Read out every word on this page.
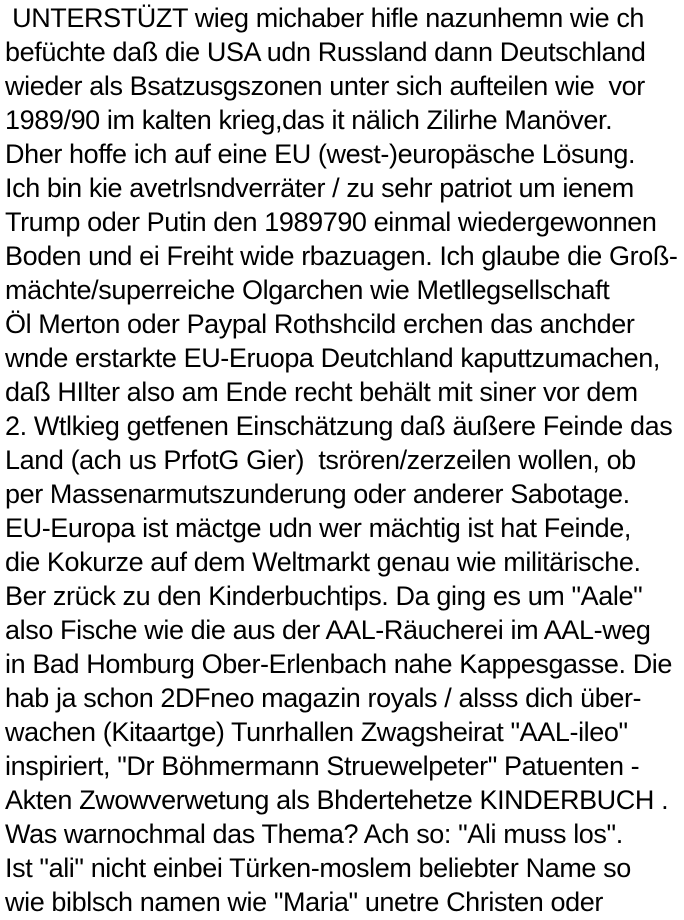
UNTERSTÜZT wieg michaber hifle nazunhemn wie ch
befüchte daß die USA udn Russland dann Deutschland
wieder als Bsatzusgszonen unter sich aufteilen wie  vor
1989/90 im kalten krieg,das it nälich Zilirhe Manöver.
Dher hoffe ich auf eine EU (west-)europäsche Lösung.
Ich bin kie avetrlsndverräter / zu sehr patriot um ienem
Trump oder Putin den 1989790 einmal wiedergewonnen
Boden und ei Freiht wide rbazuagen. Ich glaube die Groß-
mächte/superreiche Olgarchen wie Metllegsellschaft
Öl Merton oder Paypal Rothshcild erchen das anchder
wnde erstarkte EU-Eruopa Deutchland kaputtzumachen,
daß HIlter also am Ende recht behält mit siner vor dem
2. Wtlkieg getfenen Einschätzung daß äußere Feinde das
Land (ach us PrfotG Gier)  tsrören/zerzeilen wollen, ob
per Massenarmutszunderung oder anderer Sabotage.
EU-Europa ist mäctge udn wer mächtig ist hat Feinde,
die Kokurze auf dem Weltmarkt genau wie militärische.
Ber zrück zu den Kinderbuchtips. Da ging es um "Aale"
also Fische wie die aus der AAL-Räucherei im AAL-weg
in Bad Homburg Ober-Erlenbach nahe Kappesgasse. Die
hab ja schon 2DFneo magazin royals / alsss dich über-
wachen (Kitaartge) Tunrhallen Zwagsheirat "AAL-ileo"
inspiriert, "Dr Böhmermann Struewelpeter" Patuenten -
Akten Zwowverwetung als Bhdertehetze KINDERBUCH .
Was warnochmal das Thema? Ach so: "Ali muss los".
Ist "ali" nicht einbei Türken-moslem beliebter Name so
wie biblsch namen wie "Maria" unetre Christen oder
